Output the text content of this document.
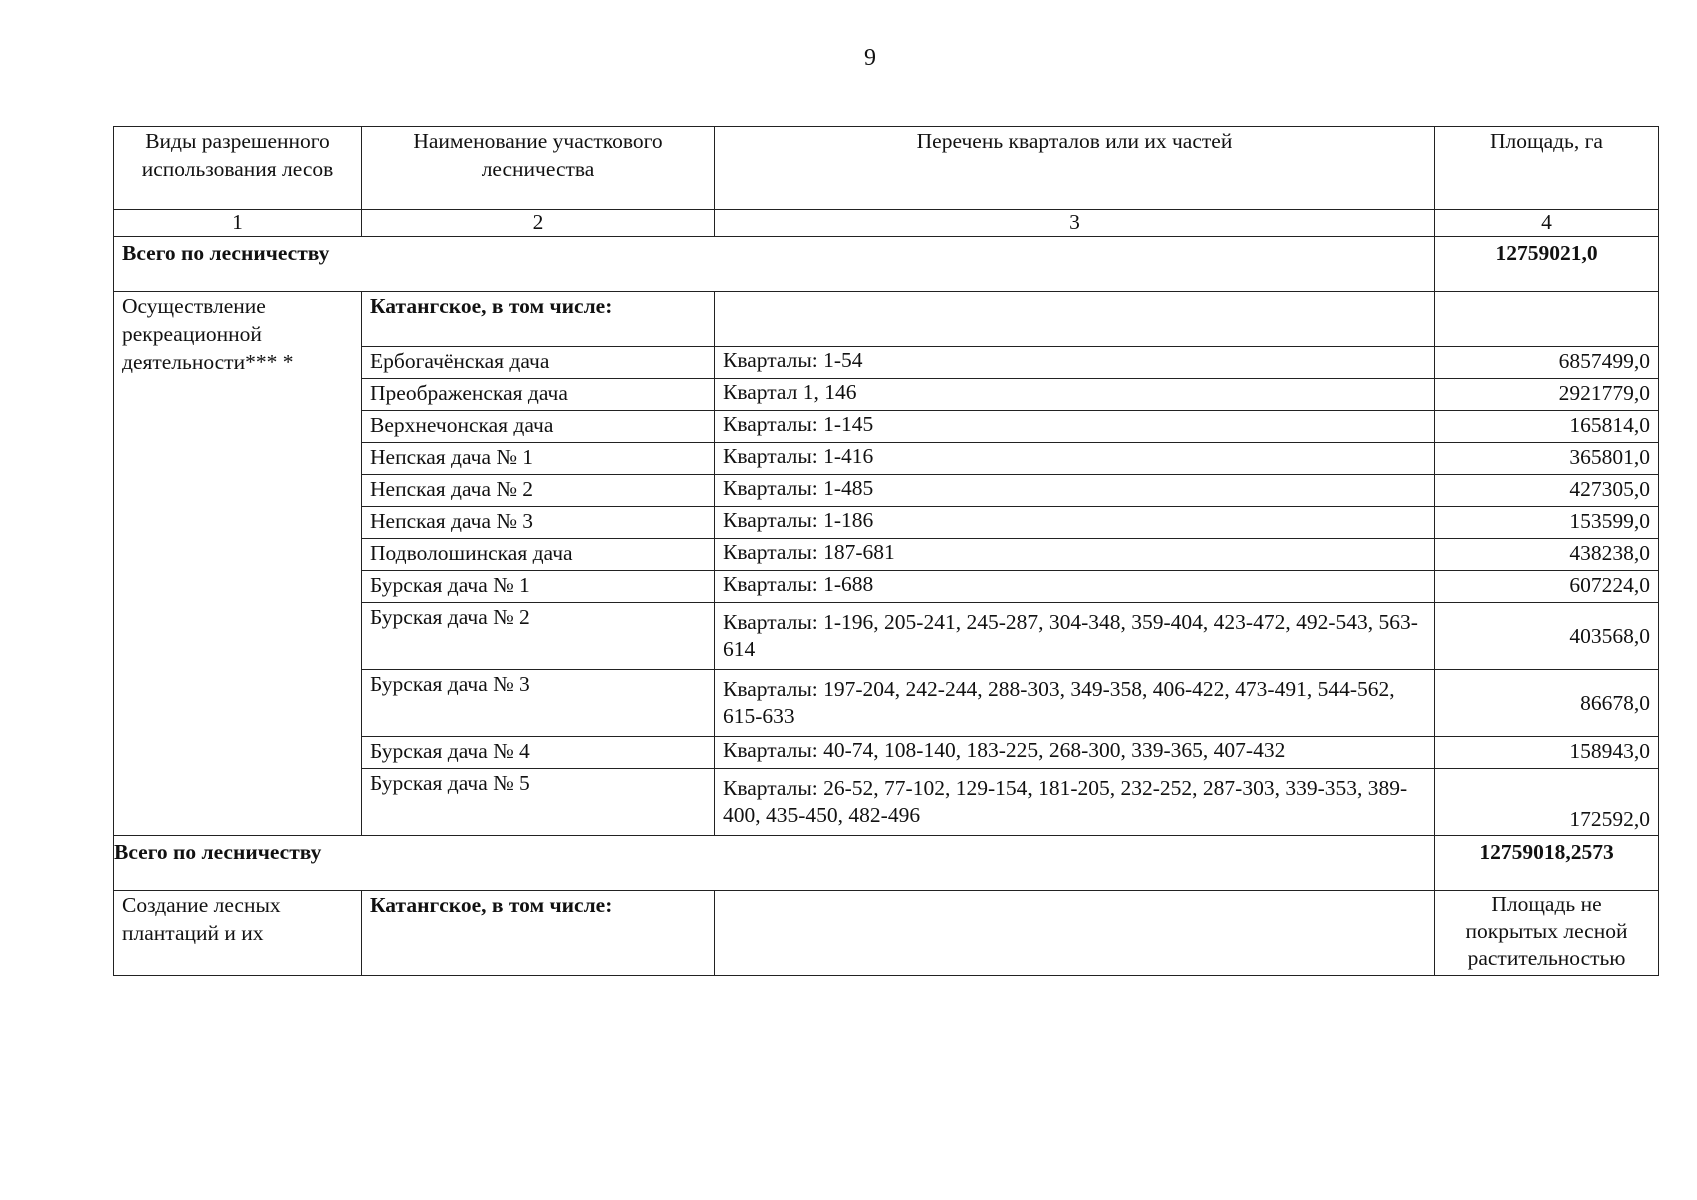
9
Виды разрешенного использования лесов	Наименование участкового лесничества	Перечень кварталов или их частей	Площадь, га
1	2	3	4
Всего по лесничеству			12759021,0
Осуществление рекреационной деятельности*** *	Катангское, в том числе:		
	Ербогачёнская дача	Кварталы: 1-54	6857499,0
	Преображенская дача	Квартал 1, 146	2921779,0
	Верхнечонская дача	Кварталы: 1-145	165814,0
	Непская дача № 1	Кварталы: 1-416	365801,0
	Непская дача № 2	Кварталы: 1-485	427305,0
	Непская дача № 3	Кварталы: 1-186	153599,0
	Подволошинская дача	Кварталы: 187-681	438238,0
	Бурская дача № 1	Кварталы: 1-688	607224,0
	Бурская дача № 2	Кварталы: 1-196, 205-241, 245-287, 304-348, 359-404, 423-472, 492-543, 563-614	403568,0
	Бурская дача № 3	Кварталы: 197-204, 242-244, 288-303, 349-358, 406-422, 473-491, 544-562, 615-633	86678,0
	Бурская дача № 4	Кварталы: 40-74, 108-140, 183-225, 268-300, 339-365, 407-432	158943,0
	Бурская дача № 5	Кварталы: 26-52, 77-102, 129-154, 181-205, 232-252, 287-303, 339-353, 389-400, 435-450, 482-496	172592,0
Всего по лесничеству			12759018,2573
Создание лесных плантаций и их	Катангское, в том числе:		Площадь не покрытых лесной растительностью
